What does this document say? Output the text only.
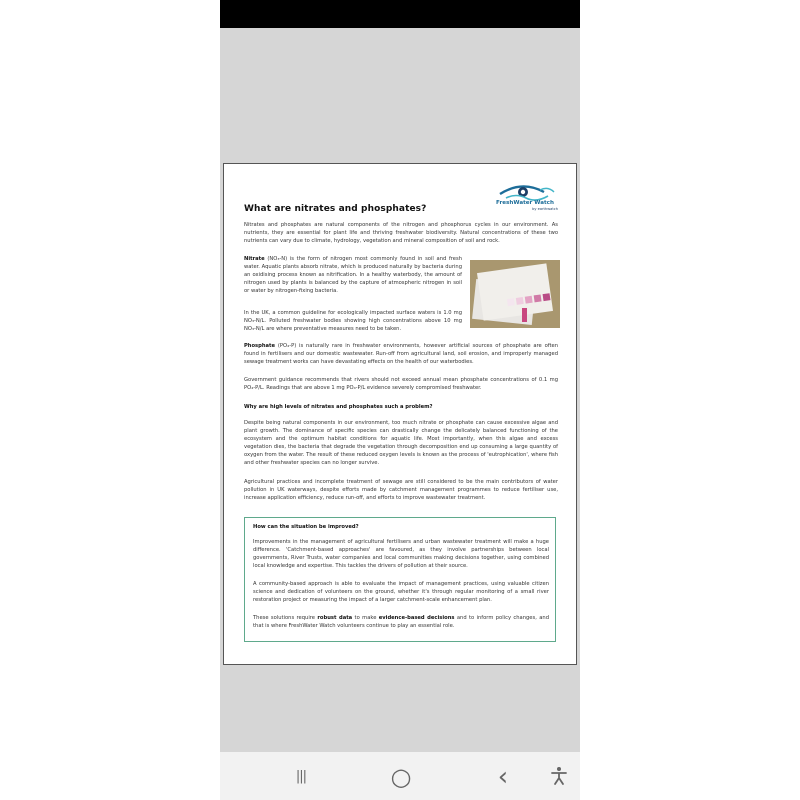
FreshWater Watch
by earthwatch
What are nitrates and phosphates?

Nitrates and phosphates are natural components of the nitrogen and phosphorus cycles in our environment. As nutrients, they are essential for plant life and thriving freshwater biodiversity. Natural concentrations of these two nutrients can vary due to climate, hydrology, vegetation and mineral composition of soil and rock.

Nitrate (NO₃-N) is the form of nitrogen most commonly found in soil and fresh water. Aquatic plants absorb nitrate, which is produced naturally by bacteria during an oxidising process known as nitrification. In a healthy waterbody, the amount of nitrogen used by plants is balanced by the capture of atmospheric nitrogen in soil or water by nitrogen-fixing bacteria.

In the UK, a common guideline for ecologically impacted surface waters is 1.0 mg NO₃-N/L. Polluted freshwater bodies showing high concentrations above 10 mg NO₃-N/L are where preventative measures need to be taken.

Phosphate (PO₄-P) is naturally rare in freshwater environments, however artificial sources of phosphate are often found in fertilisers and our domestic wastewater. Run-off from agricultural land, soil erosion, and improperly managed sewage treatment works can have devastating effects on the health of our waterbodies.

Government guidance recommends that rivers should not exceed annual mean phosphate concentrations of 0.1 mg PO₄-P/L. Readings that are above 1 mg PO₄-P/L evidence severely compromised freshwater.

Why are high levels of nitrates and phosphates such a problem?

Despite being natural components in our environment, too much nitrate or phosphate can cause excessive algae and plant growth. The dominance of specific species can drastically change the delicately balanced functioning of the ecosystem and the optimum habitat conditions for aquatic life. Most importantly, when this algae and excess vegetation dies, the bacteria that degrade the vegetation through decomposition end up consuming a large quantity of oxygen from the water. The result of these reduced oxygen levels is known as the process of 'eutrophication', where fish and other freshwater species can no longer survive.

Agricultural practices and incomplete treatment of sewage are still considered to be the main contributors of water pollution in UK waterways, despite efforts made by catchment management programmes to reduce fertiliser use, increase application efficiency, reduce run-off, and efforts to improve wastewater treatment.

How can the situation be improved?

Improvements in the management of agricultural fertilisers and urban wastewater treatment will make a huge difference. 'Catchment-based approaches' are favoured, as they involve partnerships between local governments, River Trusts, water companies and local communities making decisions together, using combined local knowledge and expertise. This tackles the drivers of pollution at their source.

A community-based approach is able to evaluate the impact of management practices, using valuable citizen science and dedication of volunteers on the ground, whether it's through regular monitoring of a small river restoration project or measuring the impact of a larger catchment-scale enhancement plan.

These solutions require robust data to make evidence-based decisions and to inform policy changes, and that is where FreshWater Watch volunteers continue to play an essential role.

|||	○	‹
